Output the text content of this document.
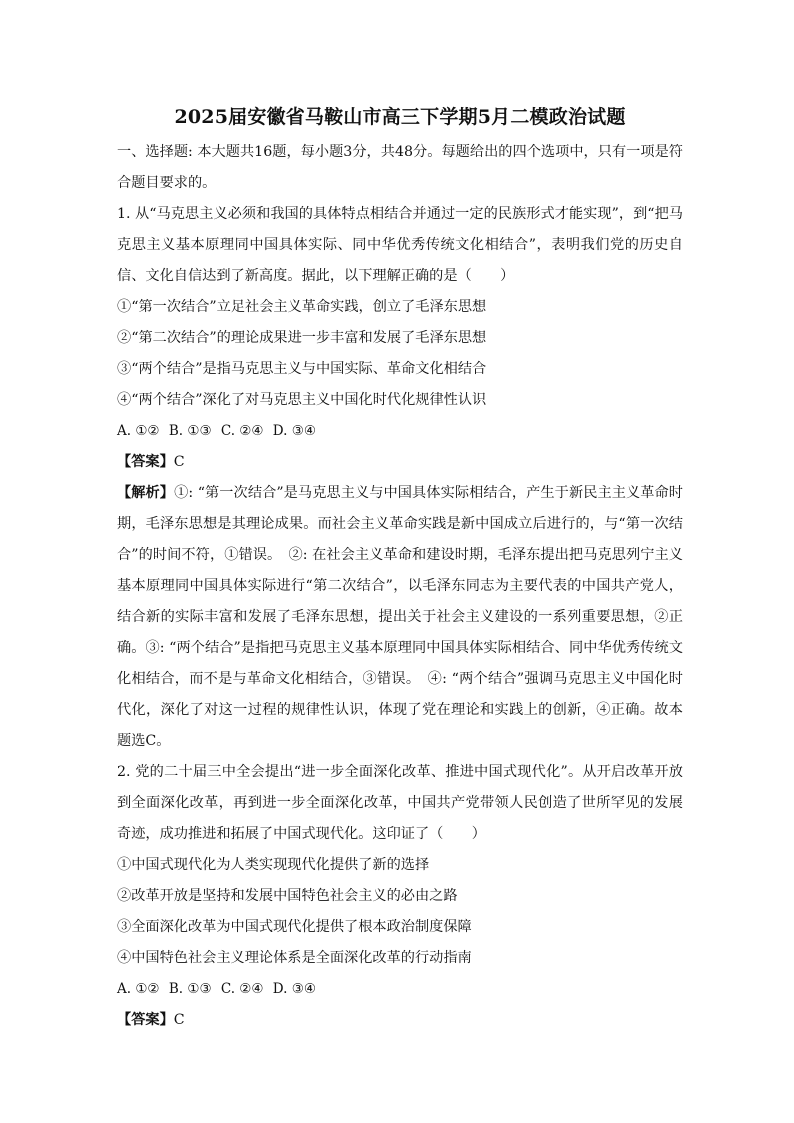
2025届安徽省马鞍山市高三下学期5月二模政治试题

一、选择题: 本大题共16题，每小题3分，共48分。每题给出的四个选项中，只有一项是符合题目要求的。

1. 从“马克思主义必须和我国的具体特点相结合并通过一定的民族形式才能实现”，到“把马克思主义基本原理同中国具体实际、同中华优秀传统文化相结合”，表明我们党的历史自信、文化自信达到了新高度。据此，以下理解正确的是（　　）

①“第一次结合”立足社会主义革命实践，创立了毛泽东思想

②“第二次结合”的理论成果进一步丰富和发展了毛泽东思想

③“两个结合”是指马克思主义与中国实际、革命文化相结合

④“两个结合”深化了对马克思主义中国化时代化规律性认识

A. ①② B. ①③ C. ②④ D. ③④

【答案】C

【解析】①: “第一次结合”是马克思主义与中国具体实际相结合，产生于新民主主义革命时期，毛泽东思想是其理论成果。而社会主义革命实践是新中国成立后进行的，与“第一次结合”的时间不符，①错误。　②: 在社会主义革命和建设时期，毛泽东提出把马克思列宁主义基本原理同中国具体实际进行“第二次结合”，以毛泽东同志为主要代表的中国共产党人，结合新的实际丰富和发展了毛泽东思想，提出关于社会主义建设的一系列重要思想，②正确。③: “两个结合”是指把马克思主义基本原理同中国具体实际相结合、同中华优秀传统文化相结合，而不是与革命文化相结合，③错误。　④: “两个结合”强调马克思主义中国化时代化，深化了对这一过程的规律性认识，体现了党在理论和实践上的创新，④正确。故本题选C。

2. 党的二十届三中全会提出“进一步全面深化改革、推进中国式现代化”。从开启改革开放到全面深化改革，再到进一步全面深化改革，中国共产党带领人民创造了世所罕见的发展奇迹，成功推进和拓展了中国式现代化。这印证了（　　）

①中国式现代化为人类实现现代化提供了新的选择

②改革开放是坚持和发展中国特色社会主义的必由之路

③全面深化改革为中国式现代化提供了根本政治制度保障

④中国特色社会主义理论体系是全面深化改革的行动指南

A. ①② B. ①③ C. ②④ D. ③④

【答案】C
